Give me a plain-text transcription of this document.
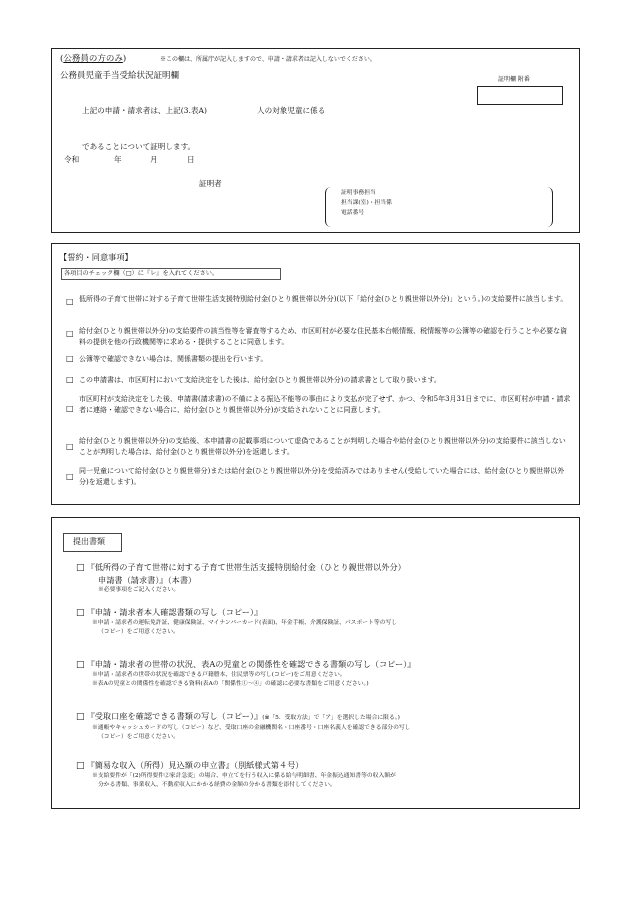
(公務員の方のみ)	※この欄は、所属庁が記入しますので、申請・請求者は記入しないでください。
公務員児童手当受給状況証明欄	証明欄 附番
上記の申請・請求者は、上記(3.表A)	人の対象児童に係る
であることについて証明します。
令和	年	月	日
証明者
証明事務担当
担当課(室)・担当係
電話番号
【誓約・同意事項】
各項目のチェック欄（□）に『レ』を入れてください。
□ 低所得の子育て世帯に対する子育て世帯生活支援特別給付金(ひとり親世帯以外分)(以下「給付金(ひとり親世帯以外分)」という。)の支給要件に該当します。
□ 給付金(ひとり親世帯以外分)の支給要件の該当性等を審査等するため、市区町村が必要な住民基本台帳情報、税情報等の公簿等の確認を行うことや必要な資料の提供を他の行政機関等に求める・提供することに同意します。
□ 公簿等で確認できない場合は、関係書類の提出を行います。
□ この申請書は、市区町村において支給決定をした後は、給付金(ひとり親世帯以外分)の請求書として取り扱います。
□
市区町村が支給決定をした後、申請書(請求書)の不備による振込不能等の事由により支払が完了せず、かつ、令和5年3月31日までに、市区町村が申請・請求者に連絡・確認できない場合に、給付金(ひとり親世帯以外分)が支給されないことに同意します。
□
給付金(ひとり親世帯以外分)の支給後、本申請書の記載事項について虚偽であることが判明した場合や給付金(ひとり親世帯以外分)の支給要件に該当しないことが判明した場合は、給付金(ひとり親世帯以外分)を返還します。
□
同一児童について給付金(ひとり親世帯分)または給付金(ひとり親世帯以外分)を受給済みではありません(受給していた場合には、給付金(ひとり親世帯以外分)を返還します)。
提出書類
□ 『低所得の子育て世帯に対する子育て世帯生活支援特別給付金（ひとり親世帯以外分）
申請書（請求書）』（本書）
※必要事項をご記入ください。
□ 『申請・請求者本人確認書類の写し（コピー）』
※申請・請求者の運転免許証、健康保険証、マイナンバーカード(表面)、年金手帳、介護保険証、パスポート等の写し
（コピー）をご用意ください。
□ 『申請・請求者の世帯の状況、表Aの児童との関係性を確認できる書類の写し（コピー）』
※申請・請求者の世帯の状況を確認できる戸籍謄本、住民票等の写し(コピー)をご用意ください。
※表Aの児童との関係性を確認できる資料(表Aの「関係性①～④」の確認に必要な書類をご用意ください。)
□ 『受取口座を確認できる書類の写し（コピー）』(※「5．受取方法」で「ア」を選択した場合に限る。)
※通帳やキャッシュカードの写し（コピー）など、受取口座の金融機関名・口座番号・口座名義人を確認できる部分の写し
（コピー）をご用意ください。
□ 『簡易な収入（所得）見込額の申立書』（別紙様式第４号）
※支給要件が「(2)所得要件②家計急変」の場合、申立てを行う収入に係る給与明細書、年金振込通知書等の収入額が
分かる書類、事業収入、不動産収入にかかる経費の金額の分かる書類を添付してください。
